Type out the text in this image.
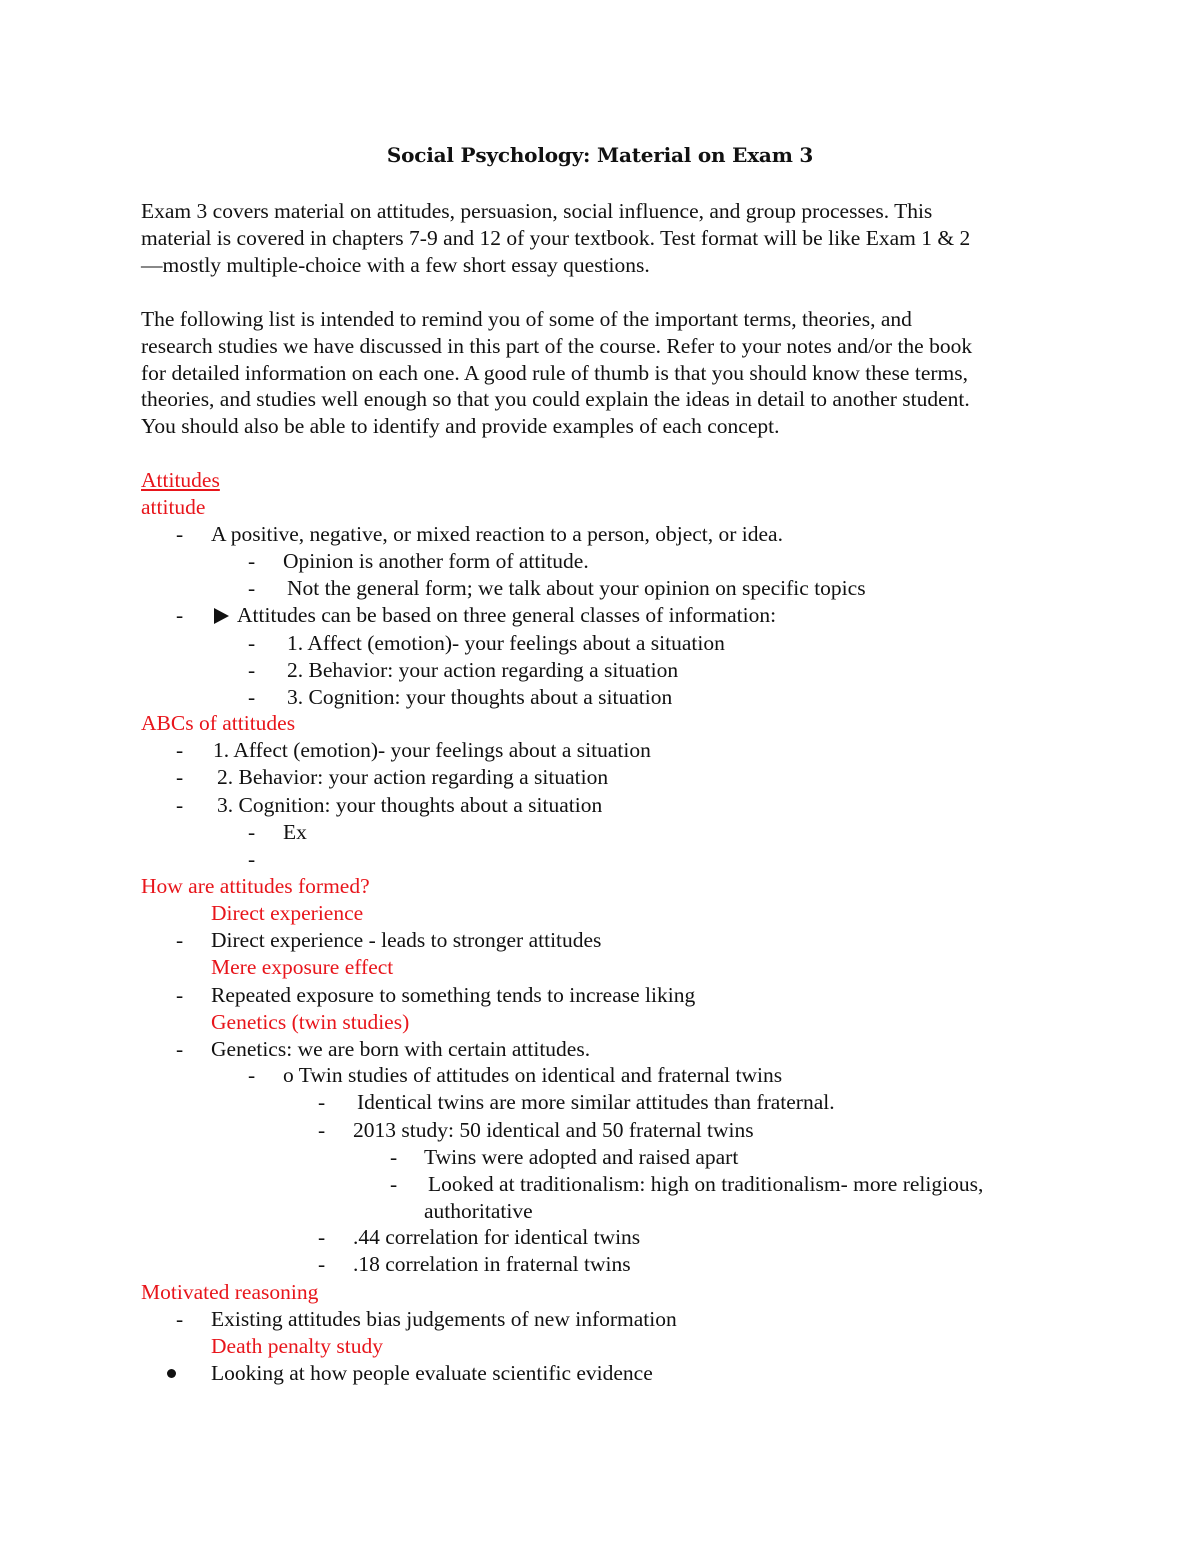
Social Psychology: Material on Exam 3
Exam 3 covers material on attitudes, persuasion, social influence, and group processes. This
material is covered in chapters 7-9 and 12 of your textbook. Test format will be like Exam 1 & 2
—mostly multiple-choice with a few short essay questions.
The following list is intended to remind you of some of the important terms, theories, and
research studies we have discussed in this part of the course. Refer to your notes and/or the book
for detailed information on each one. A good rule of thumb is that you should know these terms,
theories, and studies well enough so that you could explain the ideas in detail to another student.
You should also be able to identify and provide examples of each concept.
Attitudes
attitude
- A positive, negative, or mixed reaction to a person, object, or idea.
- Opinion is another form of attitude.
- Not the general form; we talk about your opinion on specific topics
-	Attitudes can be based on three general classes of information:
- 1. Affect (emotion)- your feelings about a situation
- 2. Behavior: your action regarding a situation
- 3. Cognition: your thoughts about a situation
ABCs of attitudes
- 1. Affect (emotion)- your feelings about a situation
- 2. Behavior: your action regarding a situation
- 3. Cognition: your thoughts about a situation
- Ex
-
How are attitudes formed?
Direct experience
- Direct experience - leads to stronger attitudes
Mere exposure effect
- Repeated exposure to something tends to increase liking
Genetics (twin studies)
- Genetics: we are born with certain attitudes.
- o Twin studies of attitudes on identical and fraternal twins
- Identical twins are more similar attitudes than fraternal.
- 2013 study: 50 identical and 50 fraternal twins
- Twins were adopted and raised apart
- Looked at traditionalism: high on traditionalism- more religious,
authoritative
- .44 correlation for identical twins
- .18 correlation in fraternal twins
Motivated reasoning
- Existing attitudes bias judgements of new information
Death penalty study
Looking at how people evaluate scientific evidence
